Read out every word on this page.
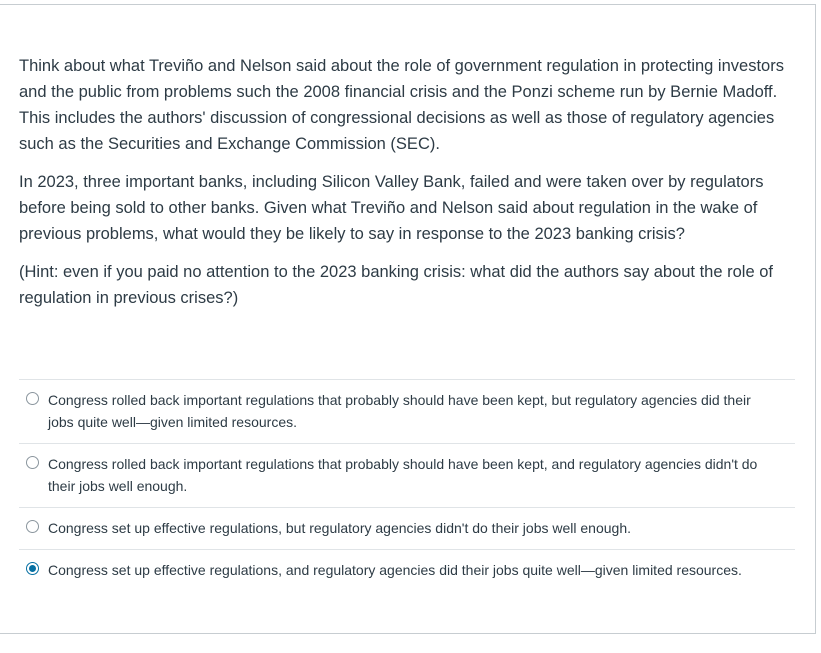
Think about what Treviño and Nelson said about the role of government regulation in protecting investors and the public from problems such the 2008 financial crisis and the Ponzi scheme run by Bernie Madoff. This includes the authors' discussion of congressional decisions as well as those of regulatory agencies such as the Securities and Exchange Commission (SEC).

In 2023, three important banks, including Silicon Valley Bank, failed and were taken over by regulators before being sold to other banks. Given what Treviño and Nelson said about regulation in the wake of previous problems, what would they be likely to say in response to the 2023 banking crisis?

(Hint: even if you paid no attention to the 2023 banking crisis: what did the authors say about the role of regulation in previous crises?)

Congress rolled back important regulations that probably should have been kept, but regulatory agencies did their jobs quite well—given limited resources.
Congress rolled back important regulations that probably should have been kept, and regulatory agencies didn't do their jobs well enough.
Congress set up effective regulations, but regulatory agencies didn't do their jobs well enough.
Congress set up effective regulations, and regulatory agencies did their jobs quite well—given limited resources.
